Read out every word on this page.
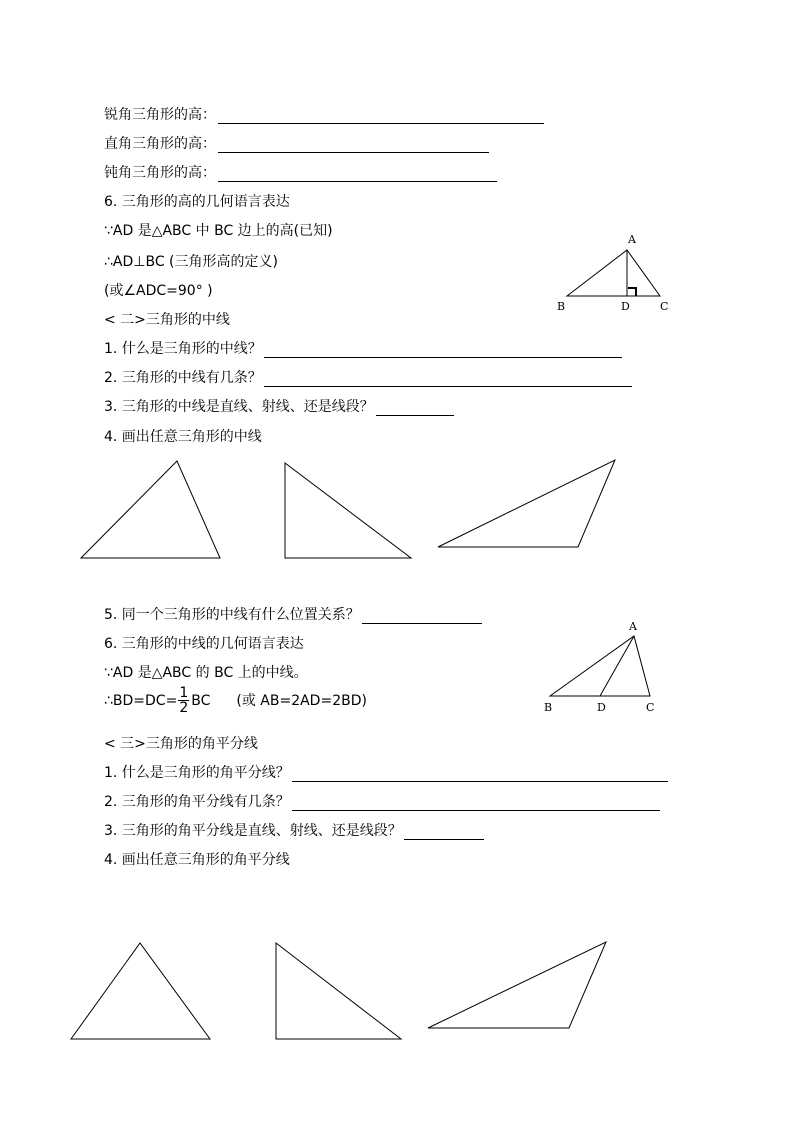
锐角三角形的高：
直角三角形的高：
钝角三角形的高：
6. 三角形的高的几何语言表达
∵AD 是△ABC 中 BC 边上的高(已知)
∴AD⊥BC (三角形高的定义)
(或∠ADC=90° )
A
B	D	C
< 二>三角形的中线
1. 什么是三角形的中线？
2. 三角形的中线有几条？
3. 三角形的中线是直线、射线、还是线段？
4. 画出任意三角形的中线
5. 同一个三角形的中线有什么位置关系？
6. 三角形的中线的几何语言表达
∵AD 是△ABC 的 BC 上的中线。
∴BD=DC= $\frac{1}{2}$ BC (或 AB=2AD=2BD)
A
B	D	C
< 三>三角形的角平分线
1. 什么是三角形的角平分线？
2. 三角形的角平分线有几条？
3. 三角形的角平分线是直线、射线、还是线段？
4. 画出任意三角形的角平分线
